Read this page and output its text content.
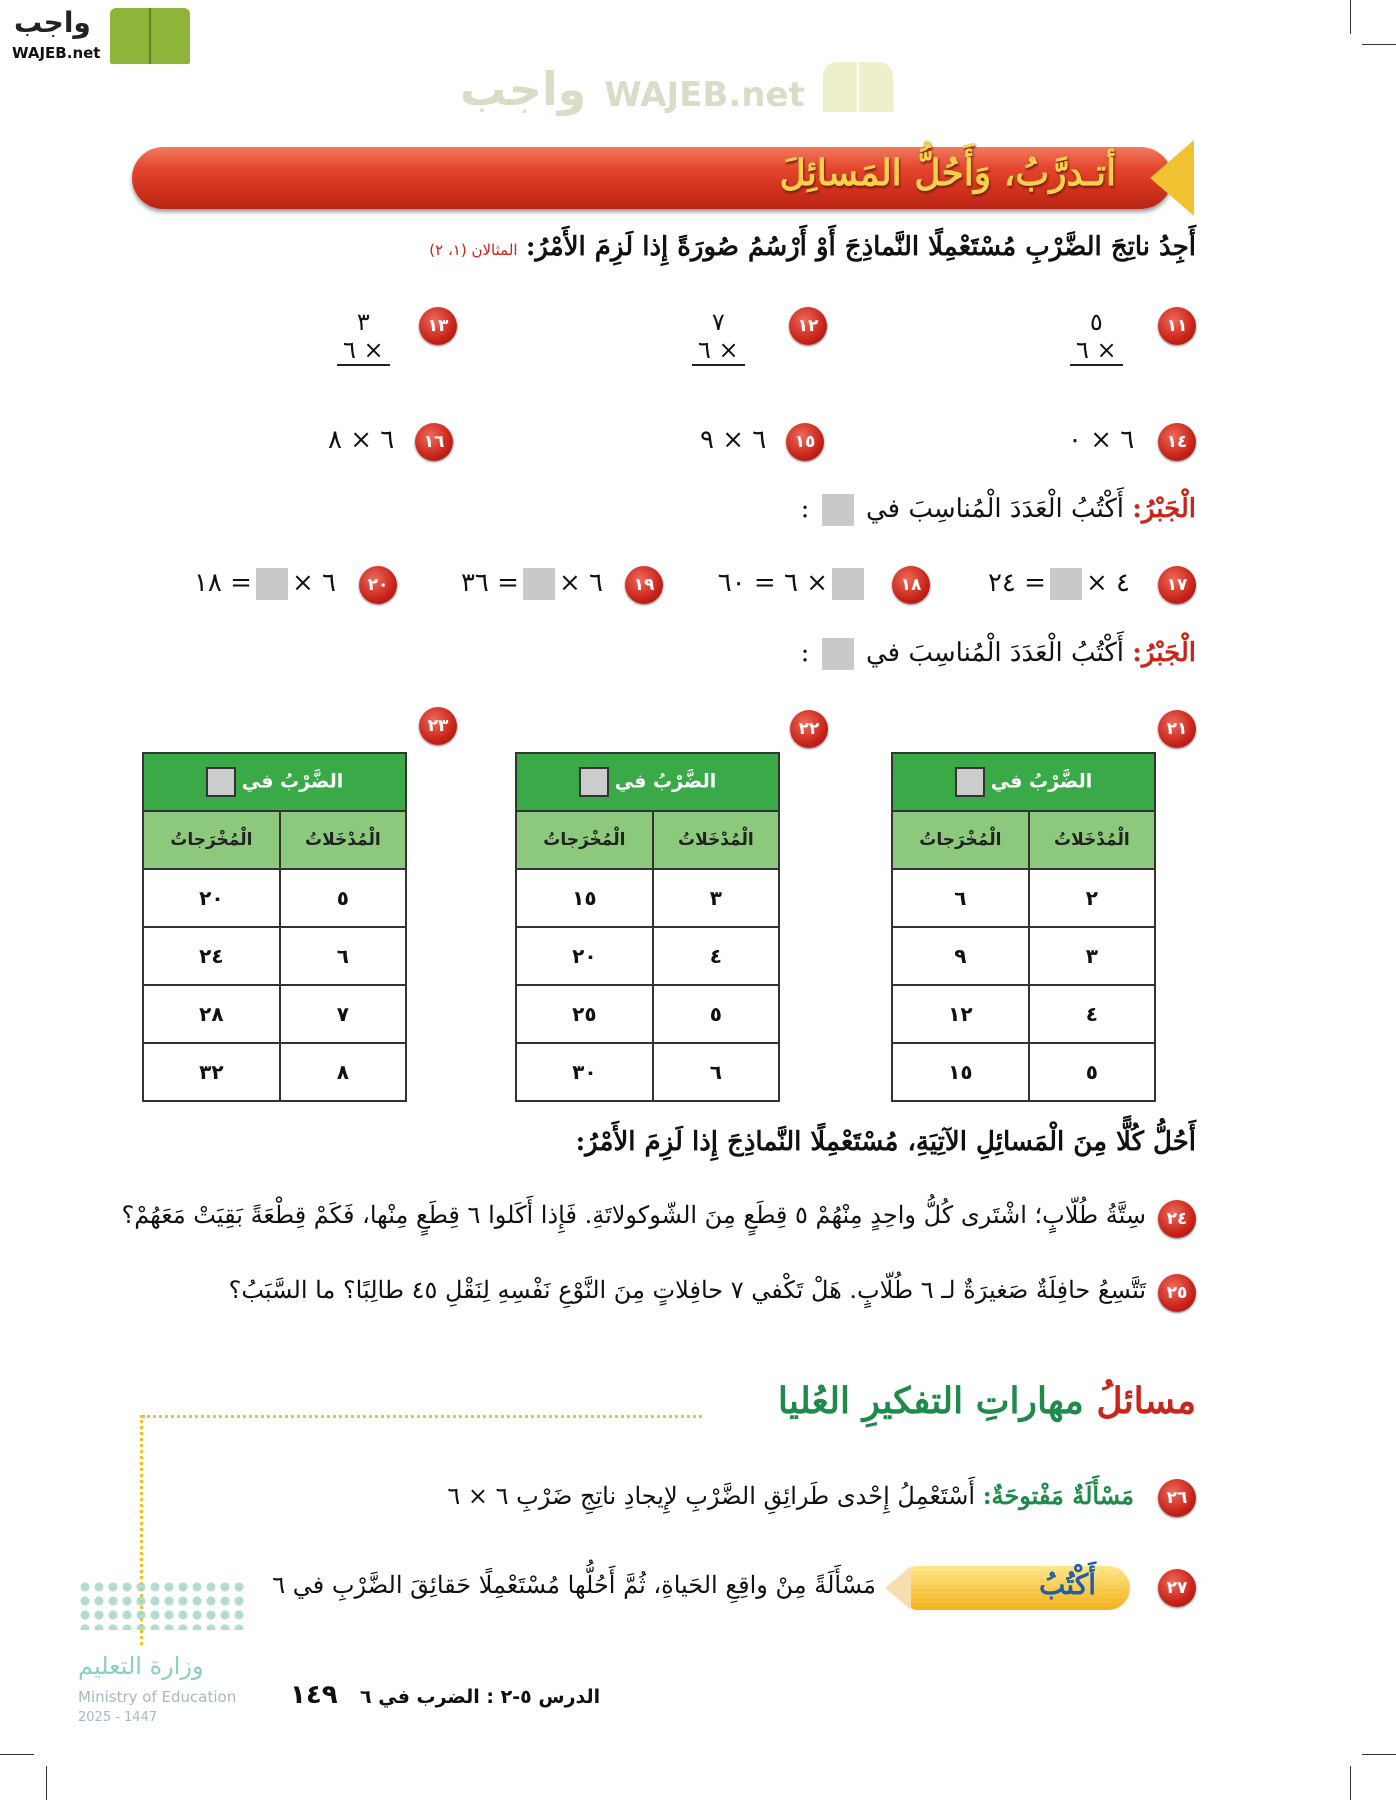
واجب
WAJEB.net
أتـدرَّبُ، وَأَحُلُّ المَسائِلَ
أَجِدُ ناتِجَ الضَّرْبِ مُسْتَعْمِلًا النَّماذِجَ أَوْ أَرْسُمُ صُورَةً إِذا لَزِمَ الأَمْرُ: المثالان (١، ٢)
١١
٥
٦ ×
١٢
٧
٦ ×
١٣
٣
٦ ×
١٤
٦ × ٠
١٥
٦ × ٩
١٦
٦ × ٨
الْجَبْرُ: أَكْتُبُ الْعَدَدَ الْمُناسِبَ في  :
١٧
٤ ×= ٢٤
١٨
× ٦ = ٦٠
١٩
٦ ×= ٣٦
٢٠
٦ ×= ١٨
الْجَبْرُ: أَكْتُبُ الْعَدَدَ الْمُناسِبَ في  :
واجب WAJEB.net
٢١
الضَّرْبُ في	
الْمُدْخَلاتُ	الْمُخْرَجاتُ
٢	٦
٣	٩
٤	١٢
٥	١٥
٢٢
الضَّرْبُ في	
الْمُدْخَلاتُ	الْمُخْرَجاتُ
٣	١٥
٤	٢٠
٥	٢٥
٦	٣٠
٢٣
الضَّرْبُ في	
الْمُدْخَلاتُ	الْمُخْرَجاتُ
٥	٢٠
٦	٢٤
٧	٢٨
٨	٣٢
أَحُلُّ كُلًّا مِنَ الْمَسائِلِ الآتِيَةِ، مُسْتَعْمِلًا النَّماذِجَ إِذا لَزِمَ الأَمْرُ:
٢٤
سِتَّةُ طُلّابٍ؛ اشْتَرى كُلُّ واحِدٍ مِنْهُمْ ٥ قِطَعٍ مِنَ الشّوكولاتَةِ. فَإِذا أَكَلوا ٦ قِطَعٍ مِنْها، فَكَمْ قِطْعَةً بَقِيَتْ مَعَهُمْ؟
٢٥
تَتَّسِعُ حافِلَةٌ صَغيرَةٌ لـ ٦ طُلّابٍ. هَلْ تَكْفي ٧ حافِلاتٍ مِنَ النَّوْعِ نَفْسِهِ لِنَقْلِ ٤٥ طالِبًا؟ ما السَّبَبُ؟
مسائلُ مهاراتِ التفكيرِ العُليا
٢٦
مَسْأَلَةٌ مَفْتوحَةٌ: أَسْتَعْمِلُ إِحْدى طَرائِقِ الضَّرْبِ لإِيجادِ ناتِجِ ضَرْبِ ٦ × ٦
٢٧
أَكْتُبُ
مَسْأَلَةً مِنْ واقِعِ الحَياةِ، ثُمَّ أَحُلُّها مُسْتَعْمِلًا حَقائِقَ الضَّرْبِ في ٦
وزارة التعليم
Ministry of Education
2025 - 1447
١٤٩ الدرس ٥-٢ : الضرب في ٦
